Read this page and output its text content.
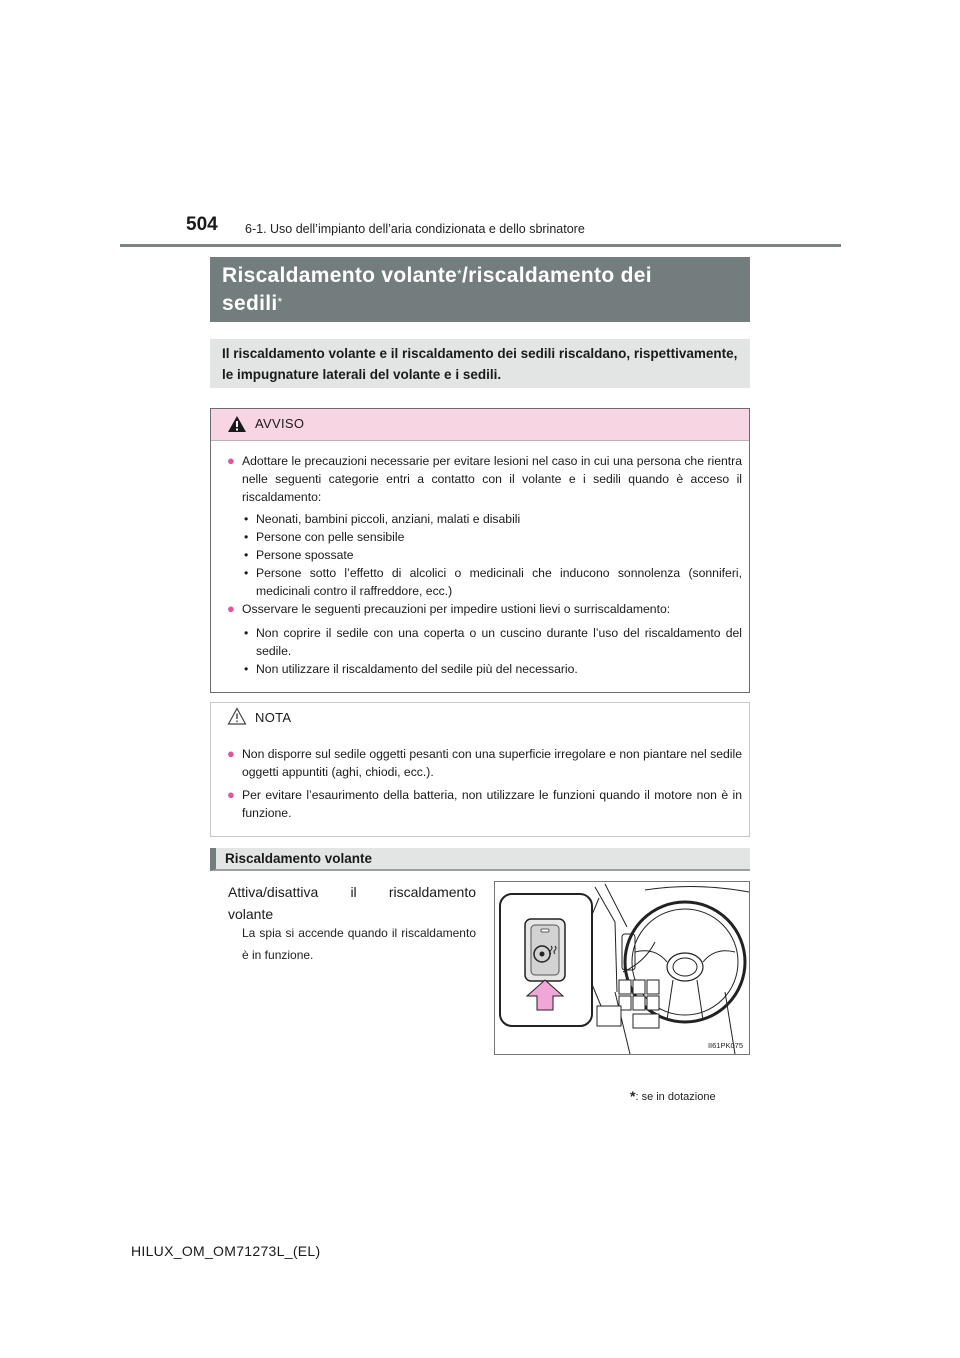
504 6-1. Uso dell’impianto dell’aria condizionata e dello sbrinatore
Riscaldamento volante*/riscaldamento dei
sedili*
Il riscaldamento volante e il riscaldamento dei sedili riscaldano, rispettivamente, le impugnature laterali del volante e i sedili.
AVVISO
● Adottare le precauzioni necessarie per evitare lesioni nel caso in cui una persona che rientra nelle seguenti categorie entri a contatto con il volante e i sedili quando è acceso il riscaldamento:
• Neonati, bambini piccoli, anziani, malati e disabili
• Persone con pelle sensibile
• Persone spossate
• Persone sotto l’effetto di alcolici o medicinali che inducono sonnolenza (sonniferi, medicinali contro il raffreddore, ecc.)
● Osservare le seguenti precauzioni per impedire ustioni lievi o surriscaldamento:
• Non coprire il sedile con una coperta o un cuscino durante l’uso del riscaldamento del sedile.
• Non utilizzare il riscaldamento del sedile più del necessario.
NOTA
● Non disporre sul sedile oggetti pesanti con una superficie irregolare e non piantare nel sedile oggetti appuntiti (aghi, chiodi, ecc.).
● Per evitare l’esaurimento della batteria, non utilizzare le funzioni quando il motore non è in funzione.
Riscaldamento volante
Attiva/disattiva il riscaldamento
volante
La spia si accende quando il riscaldamento è in funzione.
II61PK075
*: se in dotazione
HILUX_OM_OM71273L_(EL)
